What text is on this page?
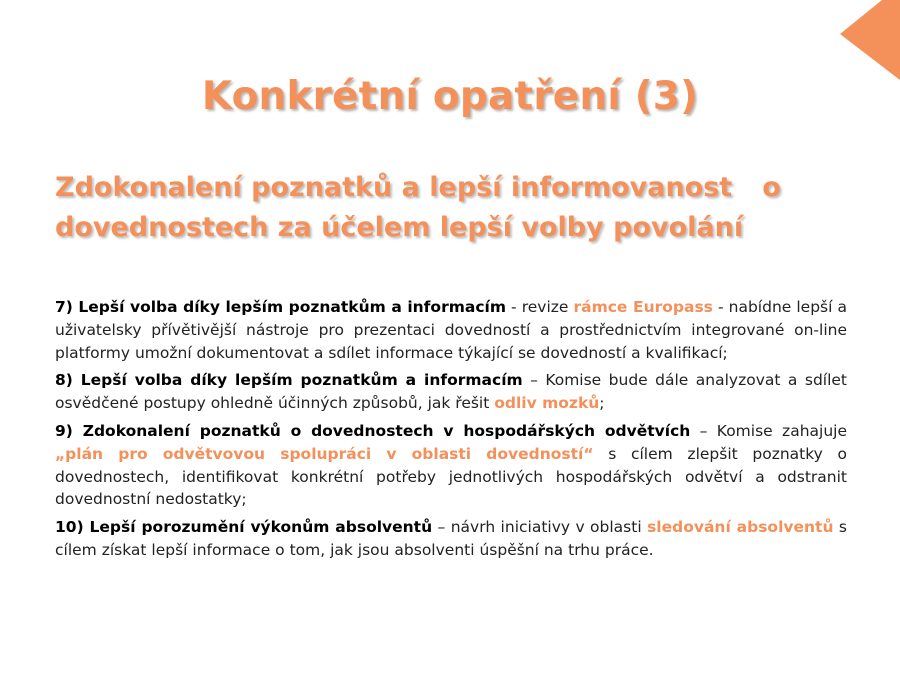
Konkrétní opatření (3)
Zdokonalení poznatků a lepší informovanost o
dovednostech za účelem lepší volby povolání

7) Lepší volba díky lepším poznatkům a informacím - revize rámce Europass - nabídne lepší a uživatelsky přívětivější nástroje pro prezentaci dovedností a prostřednictvím integrované on-line platformy umožní dokumentovat a sdílet informace týkající se dovedností a kvalifikací;

8) Lepší volba díky lepším poznatkům a informacím – Komise bude dále analyzovat a sdílet osvědčené postupy ohledně účinných způsobů, jak řešit odliv mozků;

9) Zdokonalení poznatků o dovednostech v hospodářských odvětvích – Komise zahajuje „plán pro odvětvovou spolupráci v oblasti dovedností“ s cílem zlepšit poznatky o dovednostech, identifikovat konkrétní potřeby jednotlivých hospodářských odvětví a odstranit dovednostní nedostatky;

10) Lepší porozumění výkonům absolventů – návrh iniciativy v oblasti sledování absolventů s cílem získat lepší informace o tom, jak jsou absolventi úspěšní na trhu práce.
